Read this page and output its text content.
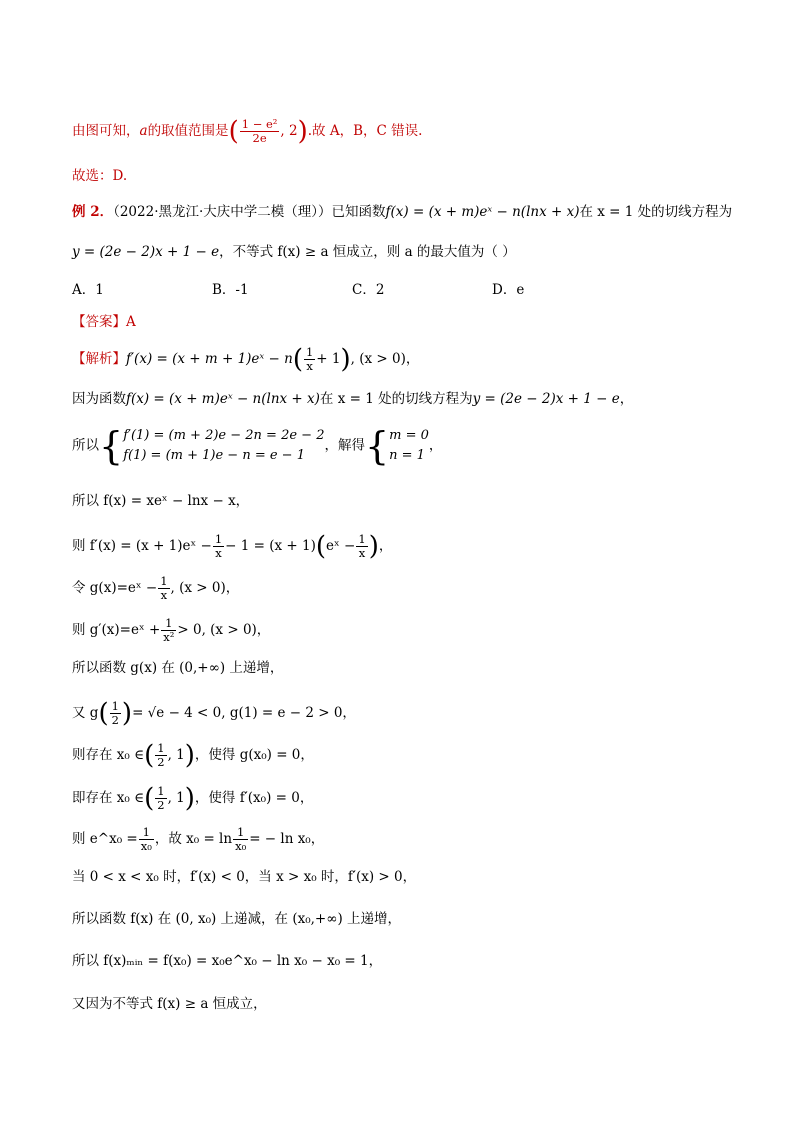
由图可知，a的取值范围是( $\frac{\text{1 − e²}}{2e}$ , 2).故 A，B，C 错误.
故选：D.
例 2．（2022·黑龙江·大庆中学二模（理））已知函数f(x) = (x + m)eˣ − n(lnx + x)在 x = 1 处的切线方程为
y = (2e − 2)x + 1 − e，不等式 f(x) ≥ a 恒成立，则 a 的最大值为（ ）
A．1	B．-1	C．2	D．e
【答案】A
【解析】f′(x) = (x + m + 1)eˣ − $n( \frac{1}{x} + 1)$, (x > 0)，
因为函数f(x) = (x + m)eˣ − n(lnx + x)在 x = 1 处的切线方程为y = (2e − 2)x + 1 − e，
所以{ f′(1) = (m + 2)e − 2n = 2e − 2
f(1) = (m + 1)e − n = e − 1
，解得{ m = 0
n = 1
，
所以 f(x) = xeˣ − lnx − x，
则 f′(x) = (x + 1)eˣ − $\frac{1}{x} - 1 = (x$ + 1)(eˣ − $\frac{1}{x}$ )，
令 g(x)=eˣ − $\frac{1}{x}$ , (x > 0)，
则 g′(x)=eˣ + $\frac{1}{\text{x²}} > 0$, (x > 0)，
所以函数 g(x) 在 (0,+∞) 上递增，
又 $g( \frac{1}{2}$ )= √e − 4 < 0, g(1) = e − 2 > 0，
则存在 x₀ ∈( $\frac{1}{2}$ , 1)，使得 g(x₀) = 0，
即存在 x₀ ∈( $\frac{1}{2}$ , 1)，使得 f′(x₀) = 0，
则 e^x₀ = $\frac{1}{\text{x₀}}$ ，故 $x_0 = \ln \frac{1}{\text{x₀}}$ = − ln x₀，
当 0 < x < x₀ 时，f′(x) < 0，当 x > x₀ 时，f′(x) > 0，
所以函数 f(x) 在 (0, x₀) 上递减，在 (x₀,+∞) 上递增，
所以 f(x)ₘᵢₙ = f(x₀) = x₀e^x₀ − ln x₀ − x₀ = 1，
又因为不等式 f(x) ≥ a 恒成立，
